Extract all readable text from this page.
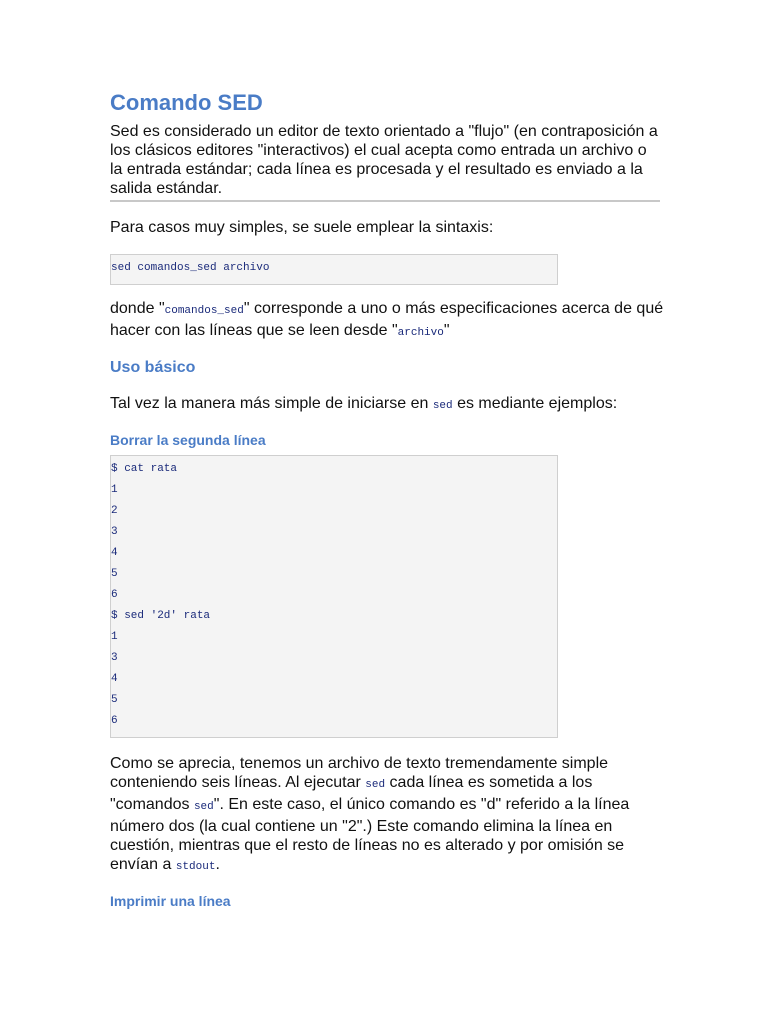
Comando SED

Sed es considerado un editor de texto orientado a "flujo" (en contraposición a los clásicos editores "interactivos) el cual acepta como entrada un archivo o la entrada estándar; cada línea es procesada y el resultado es enviado a la salida estándar.

Para casos muy simples, se suele emplear la sintaxis:

sed comandos_sed archivo

donde "comandos_sed" corresponde a uno o más especificaciones acerca de qué hacer con las líneas que se leen desde "archivo"

Uso básico

Tal vez la manera más simple de iniciarse en sed es mediante ejemplos:

Borrar la segunda línea
$ cat rata
1
2
3
4
5
6
$ sed '2d' rata
1
3
4
5
6

Como se aprecia, tenemos un archivo de texto tremendamente simple conteniendo seis líneas. Al ejecutar sed cada línea es sometida a los "comandos sed". En este caso, el único comando es "d" referido a la línea número dos (la cual contiene un "2".) Este comando elimina la línea en cuestión, mientras que el resto de líneas no es alterado y por omisión se envían a stdout.

Imprimir una línea
